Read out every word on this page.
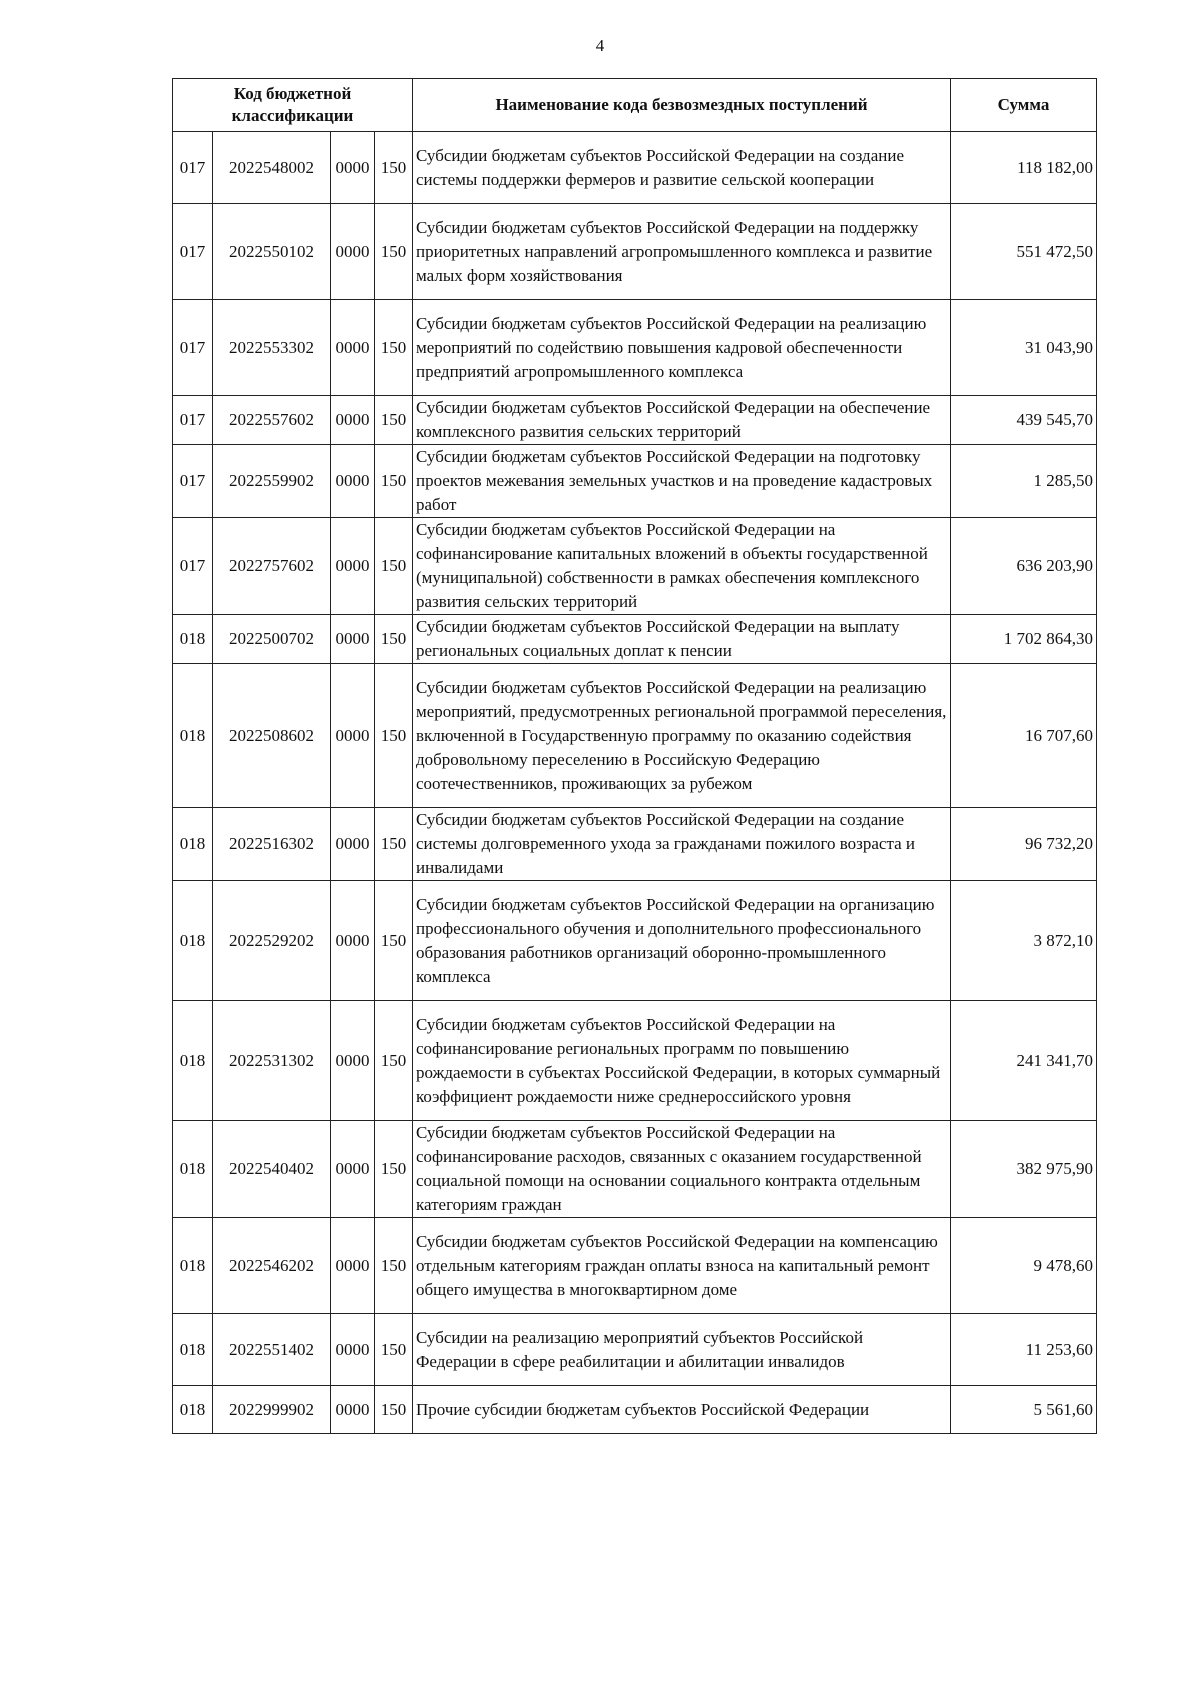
4
Код бюджетной классификации				Наименование кода безвозмездных поступлений	Сумма
017	2022548002	0000	150	Субсидии бюджетам субъектов Российской Федерации на создание системы поддержки фермеров и развитие сельской кооперации	118 182,00
017	2022550102	0000	150	Субсидии бюджетам субъектов Российской Федерации на поддержку приоритетных направлений агропромышленного комплекса и развитие малых форм хозяйствования	551 472,50
017	2022553302	0000	150	Субсидии бюджетам субъектов Российской Федерации на реализацию мероприятий по содействию повышения кадровой обеспеченности предприятий агропромышленного комплекса	31 043,90
017	2022557602	0000	150	Субсидии бюджетам субъектов Российской Федерации на обеспечение комплексного развития сельских территорий	439 545,70
017	2022559902	0000	150	Субсидии бюджетам субъектов Российской Федерации на подготовку проектов межевания земельных участков и на проведение кадастровых работ	1 285,50
017	2022757602	0000	150	Субсидии бюджетам субъектов Российской Федерации на софинансирование капитальных вложений в объекты государственной (муниципальной) собственности в рамках обеспечения комплексного развития сельских территорий	636 203,90
018	2022500702	0000	150	Субсидии бюджетам субъектов Российской Федерации на выплату региональных социальных доплат к пенсии	1 702 864,30
018	2022508602	0000	150	Субсидии бюджетам субъектов Российской Федерации на реализацию мероприятий, предусмотренных региональной программой переселения, включенной в Государственную программу по оказанию содействия добровольному переселению в Российскую Федерацию соотечественников, проживающих за рубежом	16 707,60
018	2022516302	0000	150	Субсидии бюджетам субъектов Российской Федерации на создание системы долговременного ухода за гражданами пожилого возраста и инвалидами	96 732,20
018	2022529202	0000	150	Субсидии бюджетам субъектов Российской Федерации на организацию профессионального обучения и дополнительного профессионального образования работников организаций оборонно-промышленного комплекса	3 872,10
018	2022531302	0000	150	Субсидии бюджетам субъектов Российской Федерации на софинансирование региональных программ по повышению рождаемости в субъектах Российской Федерации, в которых суммарный коэффициент рождаемости ниже среднероссийского уровня	241 341,70
018	2022540402	0000	150	Субсидии бюджетам субъектов Российской Федерации на софинансирование расходов, связанных с оказанием государственной социальной помощи на основании социального контракта отдельным категориям граждан	382 975,90
018	2022546202	0000	150	Субсидии бюджетам субъектов Российской Федерации на компенсацию отдельным категориям граждан оплаты взноса на капитальный ремонт общего имущества в многоквартирном доме	9 478,60
018	2022551402	0000	150	Субсидии на реализацию мероприятий субъектов Российской Федерации в сфере реабилитации и абилитации инвалидов	11 253,60
018	2022999902	0000	150	Прочие субсидии бюджетам субъектов Российской Федерации	5 561,60
